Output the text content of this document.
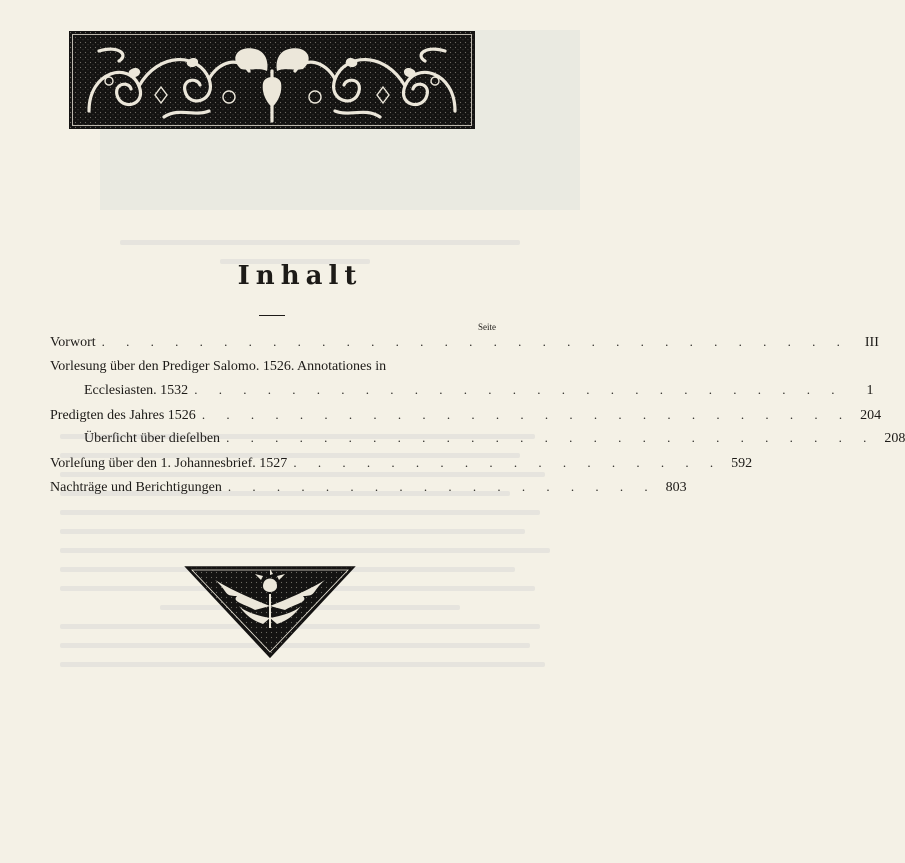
Inhalt
Seite
Vorwort . . . . . . . . . . . . . . . . . . . . . . . . . . . . . . .	III
Vorlesung über den Prediger Salomo. 1526. Annotationes in
Ecclesiasten. 1532 . . . . . . . . . . . . . . . . . . . . . . . . . . .	1
Predigten des Jahres 1526 . . . . . . . . . . . . . . . . . . . . . . . . . . . 204
Überſicht über dieſelben . . . . . . . . . . . . . . . . . . . . . . . . . . . 208
Vorleſung über den 1. Johannesbrief. 1527 . . . . . . . . . . . . . . . . . . 592
Nachträge und Berichtigungen . . . . . . . . . . . . . . . . . . 803
